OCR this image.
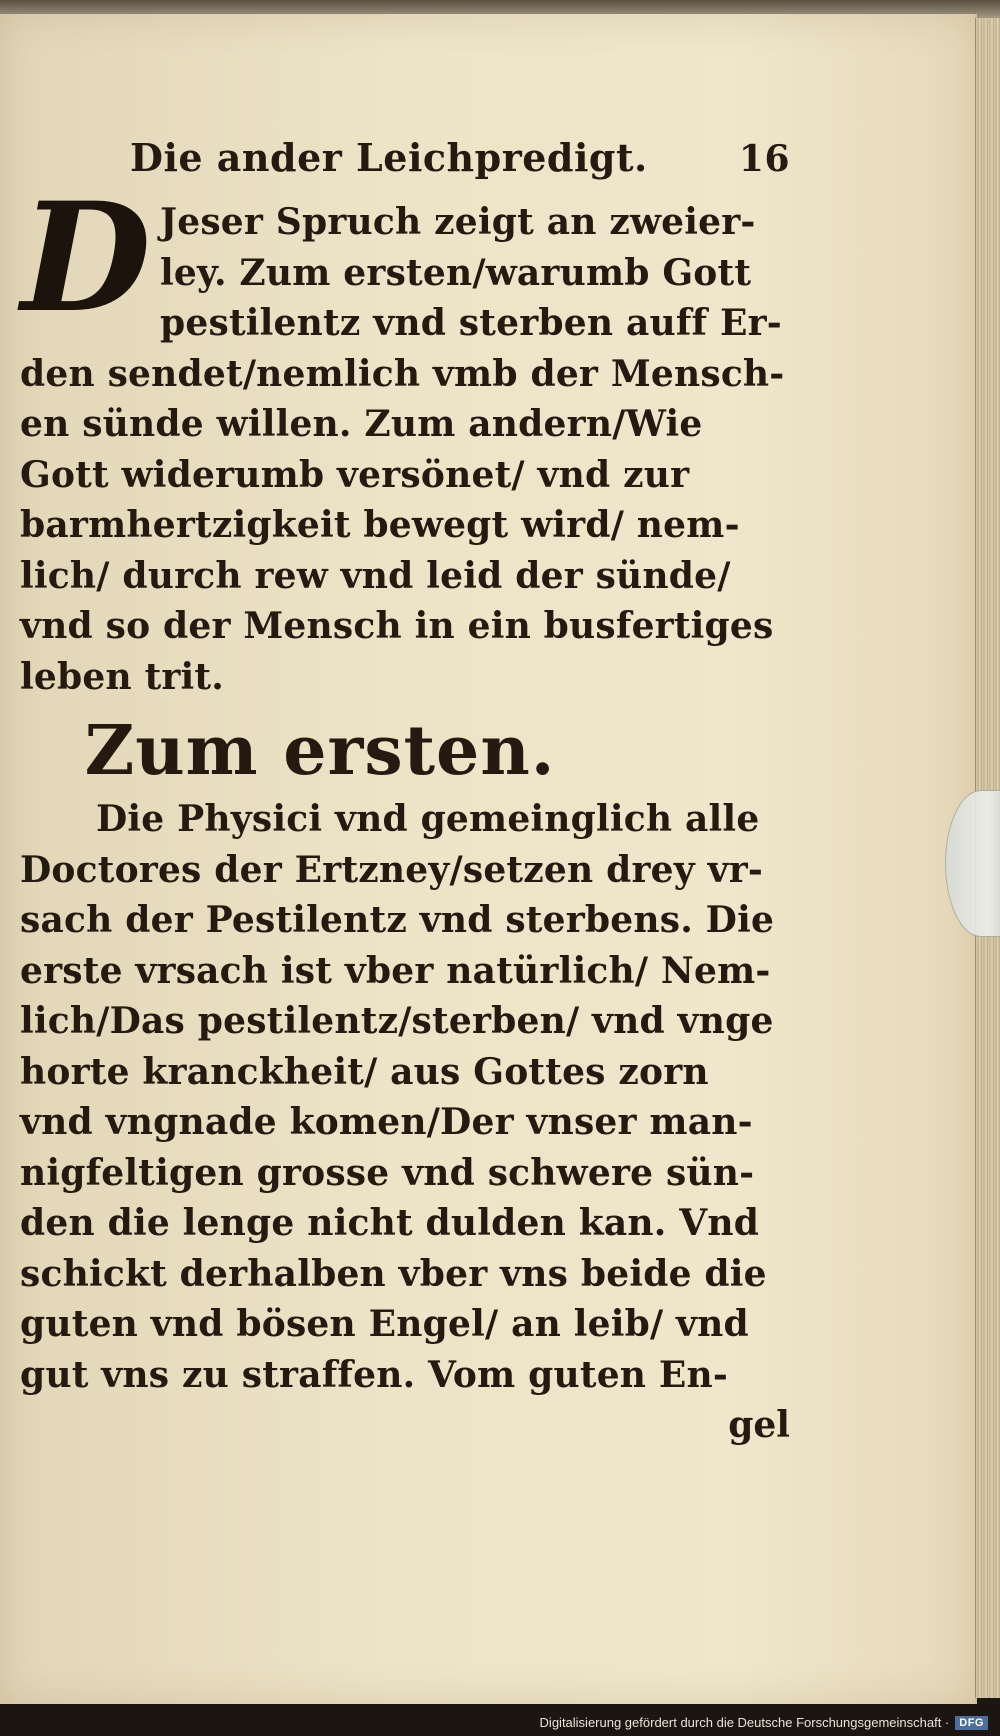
Die ander Leichpredigt.	16
D Jeser Spruch zeigt an zweier-
ley. Zum ersten/warumb Gott
pestilentz vnd sterben auff Er-
den sendet/nemlich vmb der Mensch-
en sünde willen. Zum andern/Wie
Gott widerumb versönet/ vnd zur
barmhertzigkeit bewegt wird/ nem-
lich/ durch rew vnd leid der sünde/
vnd so der Mensch in ein busfertiges
leben trit.
Zum ersten.
Die Physici vnd gemeinglich alle
Doctores der Ertzney/setzen drey vr-
sach der Pestilentz vnd sterbens. Die
erste vrsach ist vber natürlich/ Nem-
lich/Das pestilentz/sterben/ vnd vnge
horte kranckheit/ aus Gottes zorn
vnd vngnade komen/Der vnser man-
nigfeltigen grosse vnd schwere sün-
den die lenge nicht dulden kan. Vnd
schickt derhalben vber vns beide die
guten vnd bösen Engel/ an leib/ vnd
gut vns zu straffen. Vom guten En-
gel
Digitalisierung gefördert durch die Deutsche Forschungsgemeinschaft · DFG
